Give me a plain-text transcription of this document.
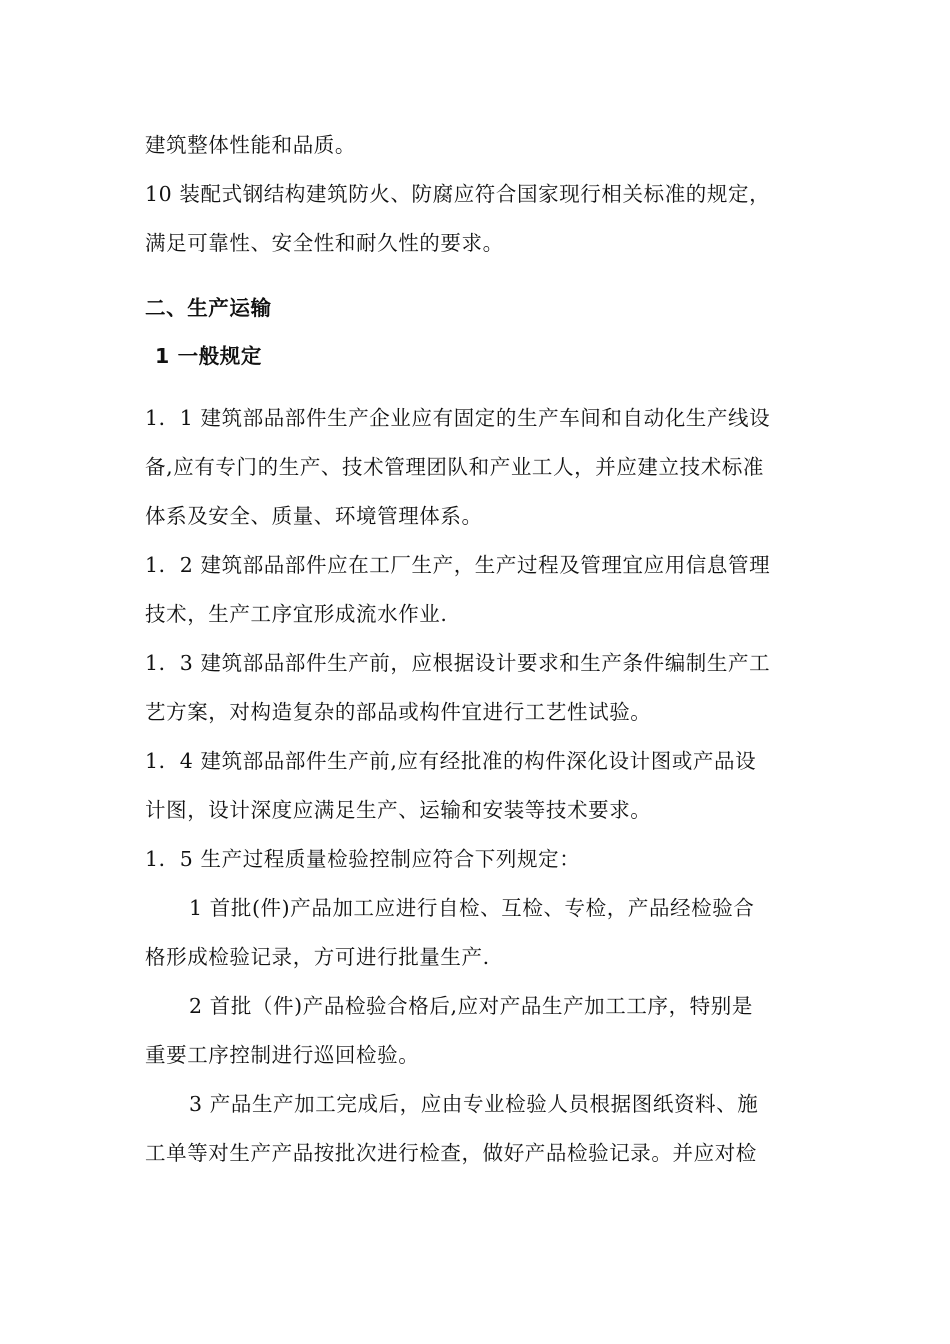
建筑整体性能和品质。
10 装配式钢结构建筑防火、防腐应符合国家现行相关标准的规定，
满足可靠性、安全性和耐久性的要求。
二、生产运输
1 一般规定
1．1 建筑部品部件生产企业应有固定的生产车间和自动化生产线设
备,应有专门的生产、技术管理团队和产业工人，并应建立技术标准
体系及安全、质量、环境管理体系。
1．2 建筑部品部件应在工厂生产，生产过程及管理宜应用信息管理
技术，生产工序宜形成流水作业.
1．3 建筑部品部件生产前，应根据设计要求和生产条件编制生产工
艺方案，对构造复杂的部品或构件宜进行工艺性试验。
1．4 建筑部品部件生产前,应有经批准的构件深化设计图或产品设
计图，设计深度应满足生产、运输和安装等技术要求。
1．5 生产过程质量检验控制应符合下列规定：
1 首批(件)产品加工应进行自检、互检、专检，产品经检验合
格形成检验记录，方可进行批量生产.
2 首批（件)产品检验合格后,应对产品生产加工工序，特别是
重要工序控制进行巡回检验。
3 产品生产加工完成后，应由专业检验人员根据图纸资料、施
工单等对生产产品按批次进行检查，做好产品检验记录。并应对检
